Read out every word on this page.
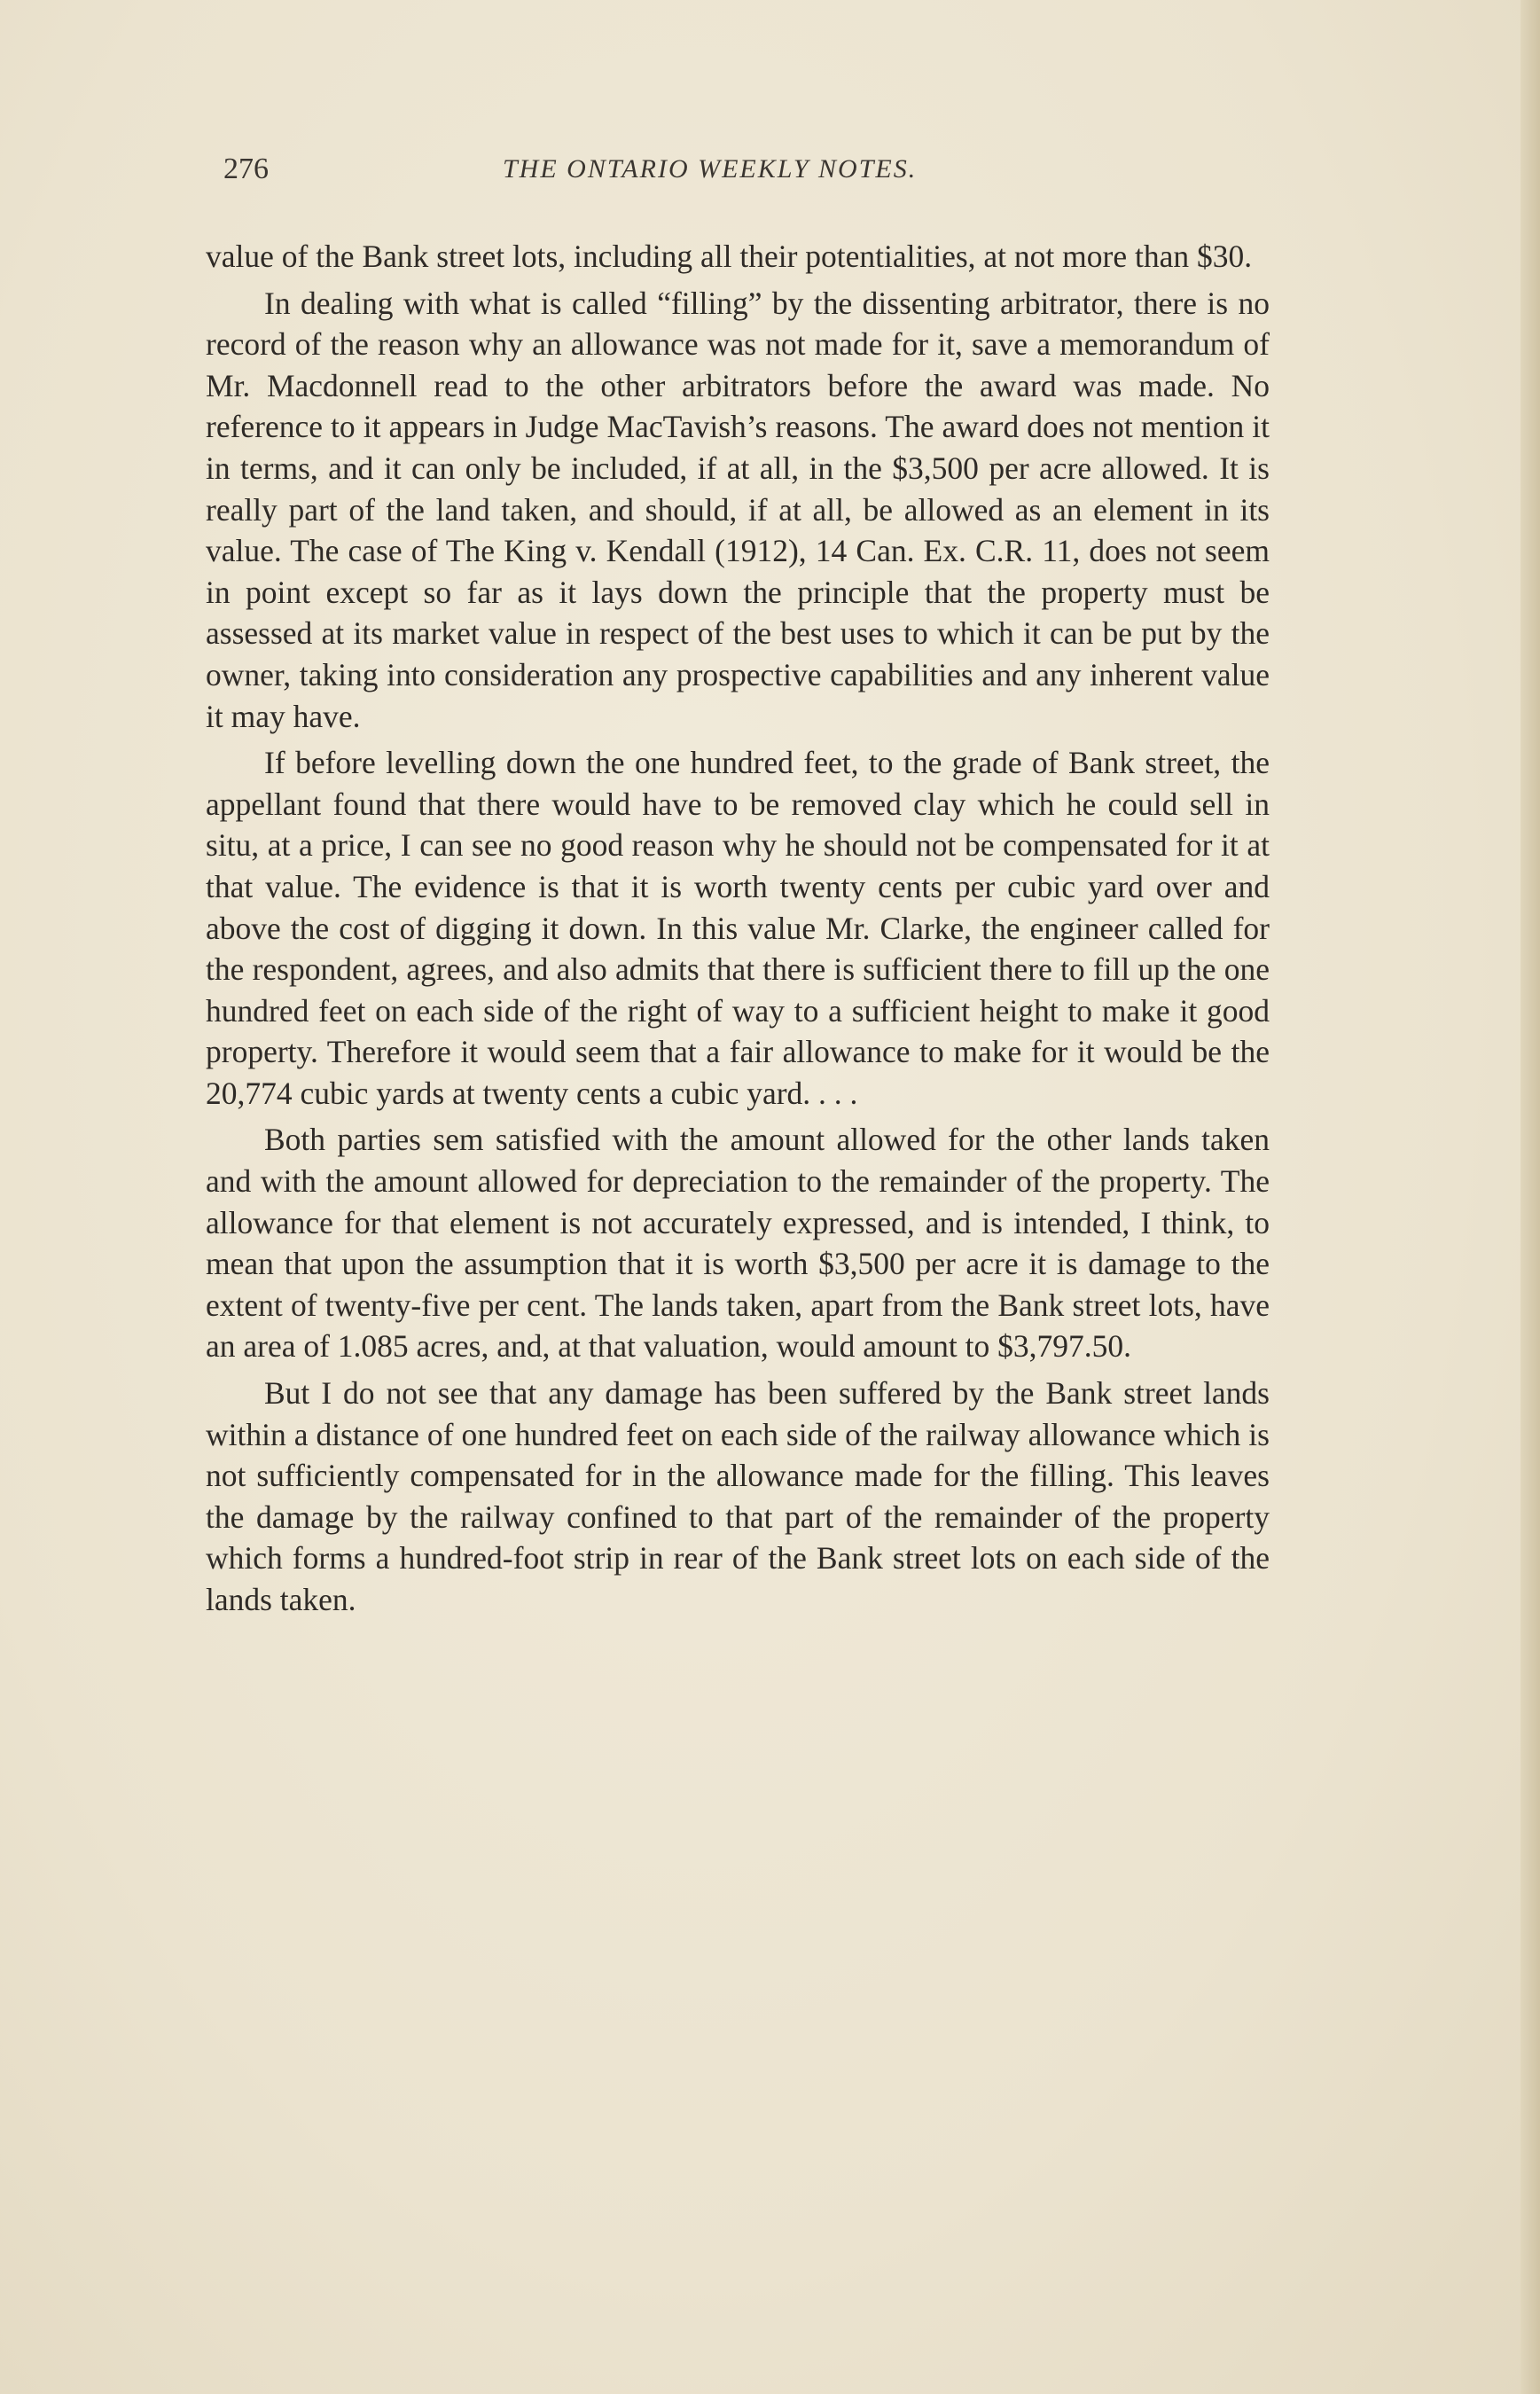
276	THE ONTARIO WEEKLY NOTES.

value of the Bank street lots, including all their potentialities, at not more than $30.

In dealing with what is called “filling” by the dissenting arbitrator, there is no record of the reason why an allowance was not made for it, save a memorandum of Mr. Macdonnell read to the other arbitrators before the award was made. No reference to it appears in Judge MacTavish’s reasons. The award does not mention it in terms, and it can only be included, if at all, in the $3,500 per acre allowed. It is really part of the land taken, and should, if at all, be allowed as an element in its value. The case of The King v. Kendall (1912), 14 Can. Ex. C.R. 11, does not seem in point except so far as it lays down the principle that the property must be assessed at its market value in respect of the best uses to which it can be put by the owner, taking into consideration any prospective capabilities and any inherent value it may have.

If before levelling down the one hundred feet, to the grade of Bank street, the appellant found that there would have to be removed clay which he could sell in situ, at a price, I can see no good reason why he should not be compensated for it at that value. The evidence is that it is worth twenty cents per cubic yard over and above the cost of digging it down. In this value Mr. Clarke, the engineer called for the respondent, agrees, and also admits that there is sufficient there to fill up the one hundred feet on each side of the right of way to a sufficient height to make it good property. Therefore it would seem that a fair allowance to make for it would be the 20,774 cubic yards at twenty cents a cubic yard. . . .

Both parties sem satisfied with the amount allowed for the other lands taken and with the amount allowed for depreciation to the remainder of the property. The allowance for that element is not accurately expressed, and is intended, I think, to mean that upon the assumption that it is worth $3,500 per acre it is damage to the extent of twenty-five per cent. The lands taken, apart from the Bank street lots, have an area of 1.085 acres, and, at that valuation, would amount to $3,797.50.

But I do not see that any damage has been suffered by the Bank street lands within a distance of one hundred feet on each side of the railway allowance which is not sufficiently compensated for in the allowance made for the filling. This leaves the damage by the railway confined to that part of the remainder of the property which forms a hundred-foot strip in rear of the Bank street lots on each side of the lands taken.
